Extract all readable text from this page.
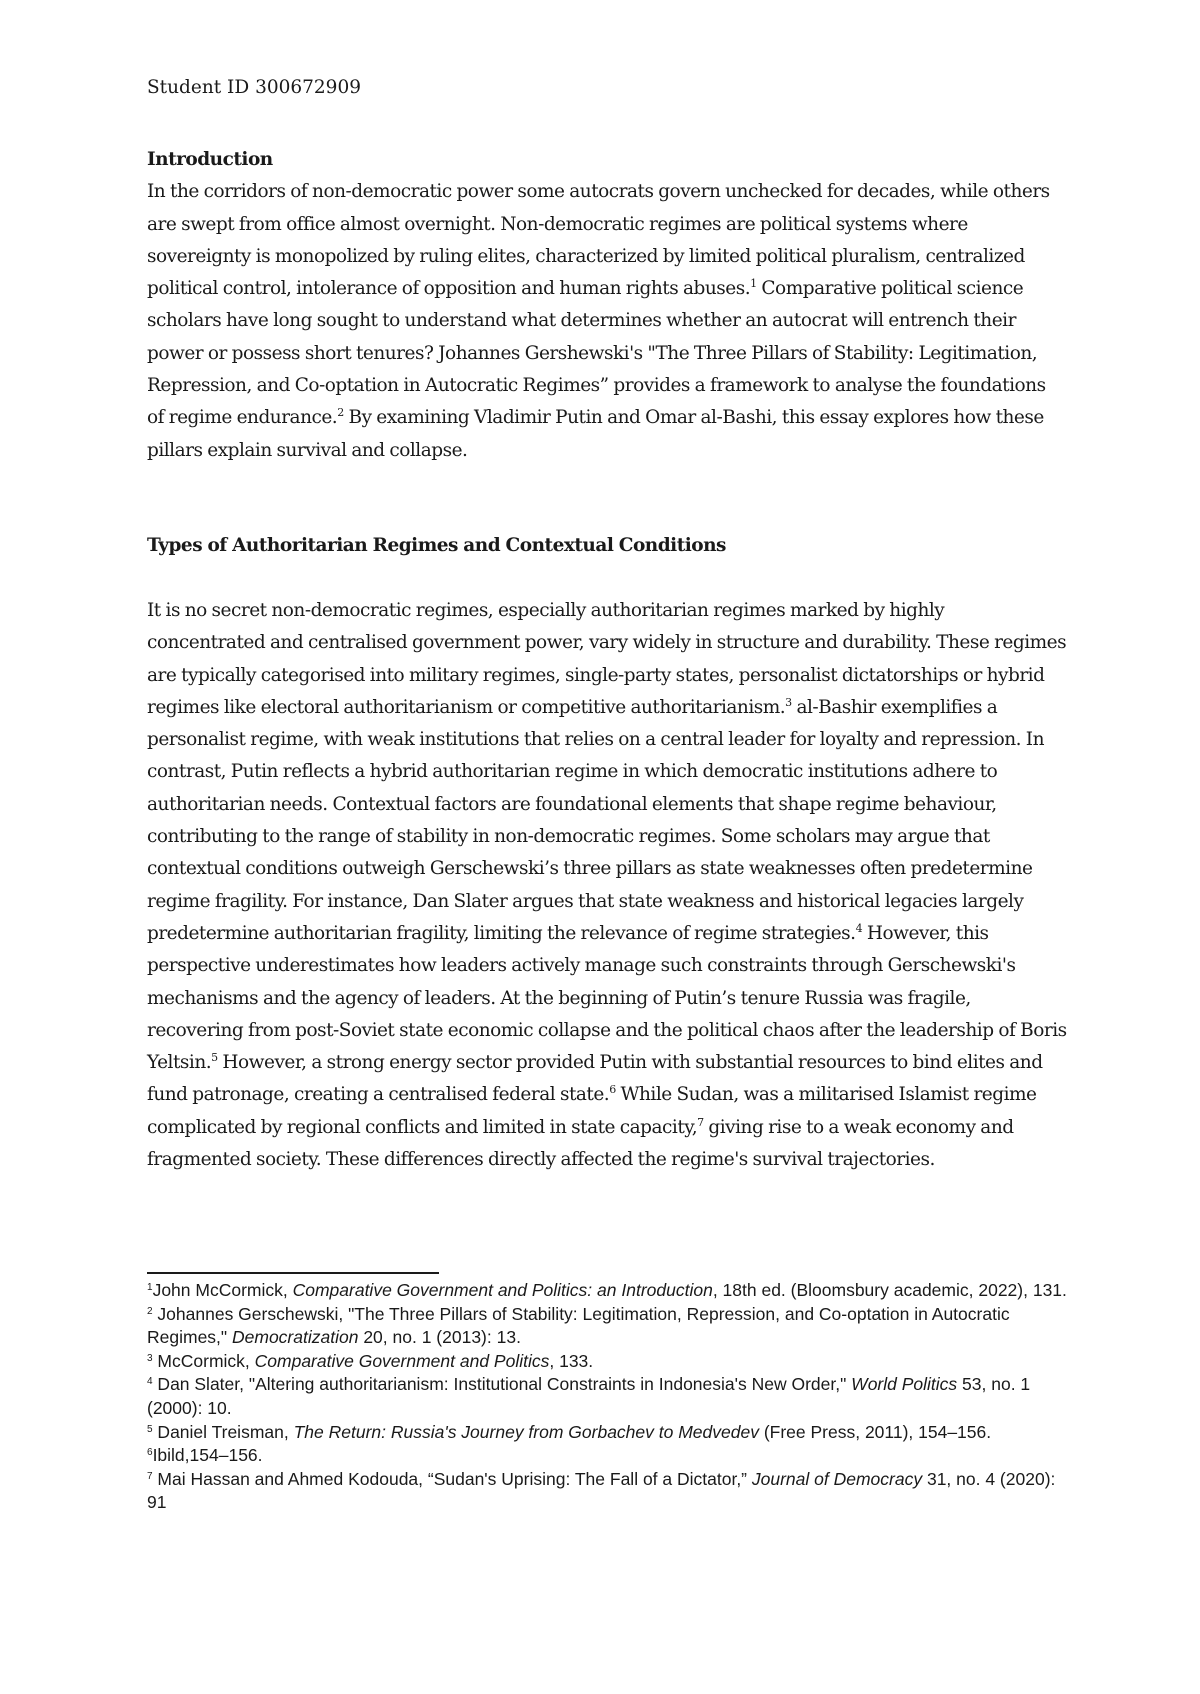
Student ID 300672909

Introduction

In the corridors of non-democratic power some autocrats govern unchecked for decades, while others are swept from office almost overnight. Non-democratic regimes are political systems where sovereignty is monopolized by ruling elites, characterized by limited political pluralism, centralized political control, intolerance of opposition and human rights abuses.$^1$ Comparative political science scholars have long sought to understand what determines whether an autocrat will entrench their power or possess short tenures? Johannes Gershewski's "The Three Pillars of Stability: Legitimation, Repression, and Co-optation in Autocratic Regimes” provides a framework to analyse the foundations of regime endurance.$^2$ By examining Vladimir Putin and Omar al-Bashi, this essay explores how these pillars explain survival and collapse.

Types of Authoritarian Regimes and Contextual Conditions

It is no secret non-democratic regimes, especially authoritarian regimes marked by highly concentrated and centralised government power, vary widely in structure and durability. These regimes are typically categorised into military regimes, single-party states, personalist dictatorships or hybrid regimes like electoral authoritarianism or competitive authoritarianism.$^3$ al-Bashir exemplifies a personalist regime, with weak institutions that relies on a central leader for loyalty and repression. In contrast, Putin reflects a hybrid authoritarian regime in which democratic institutions adhere to authoritarian needs. Contextual factors are foundational elements that shape regime behaviour, contributing to the range of stability in non-democratic regimes. Some scholars may argue that contextual conditions outweigh Gerschewski’s three pillars as state weaknesses often predetermine regime fragility. For instance, Dan Slater argues that state weakness and historical legacies largely predetermine authoritarian fragility, limiting the relevance of regime strategies.$^4$ However, this perspective underestimates how leaders actively manage such constraints through Gerschewski's mechanisms and the agency of leaders. At the beginning of Putin’s tenure Russia was fragile, recovering from post-Soviet state economic collapse and the political chaos after the leadership of Boris Yeltsin.$^5$ However, a strong energy sector provided Putin with substantial resources to bind elites and fund patronage, creating a centralised federal state.$^6$ While Sudan, was a militarised Islamist regime complicated by regional conflicts and limited in state capacity,$^7$ giving rise to a weak economy and fragmented society. These differences directly affected the regime's survival trajectories.

$^1$John McCormick, Comparative Government and Politics: an Introduction, 18th ed. (Bloomsbury academic, 2022), 131.

$^2$ Johannes Gerschewski, "The Three Pillars of Stability: Legitimation, Repression, and Co-optation in Autocratic Regimes," Democratization 20, no. 1 (2013): 13.

$^3$ McCormick, Comparative Government and Politics, 133.

$^4$ Dan Slater, "Altering authoritarianism: Institutional Constraints in Indonesia's New Order," World Politics 53, no. 1 (2000): 10.

$^5$ Daniel Treisman, The Return: Russia's Journey from Gorbachev to Medvedev (Free Press, 2011), 154–156.

$^6$Ibild,154–156.

$^7$ Mai Hassan and Ahmed Kodouda, “Sudan's Uprising: The Fall of a Dictator,” Journal of Democracy 31, no. 4 (2020): 91
